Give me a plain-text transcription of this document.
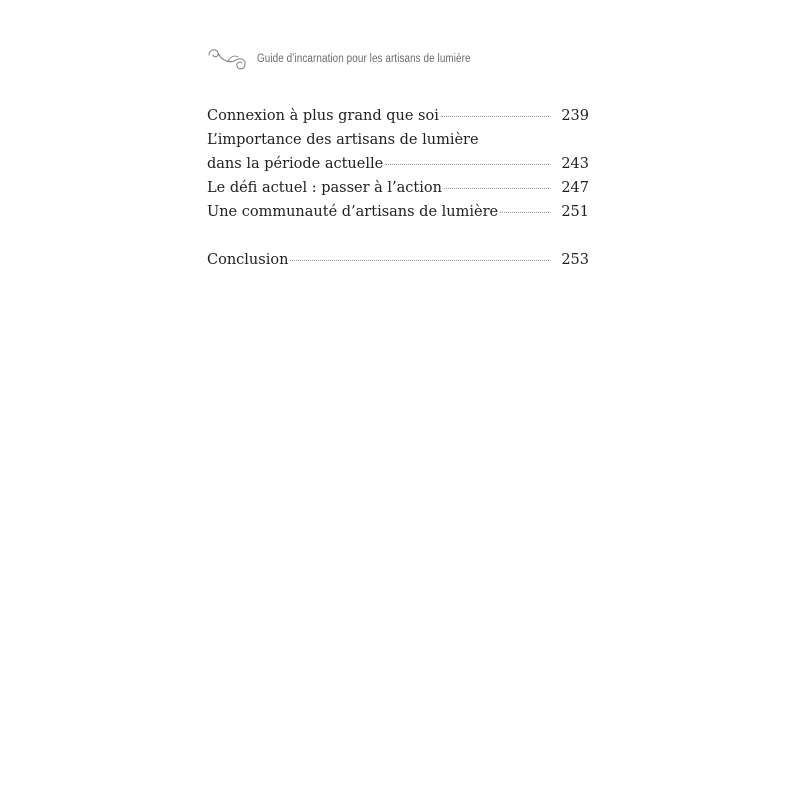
Guide d’incarnation pour les artisans de lumière
Connexion à plus grand que soi	239
L’importance des artisans de lumière
dans la période actuelle	243
Le défi actuel : passer à l’action	247
Une communauté d’artisans de lumière	251
Conclusion	253
